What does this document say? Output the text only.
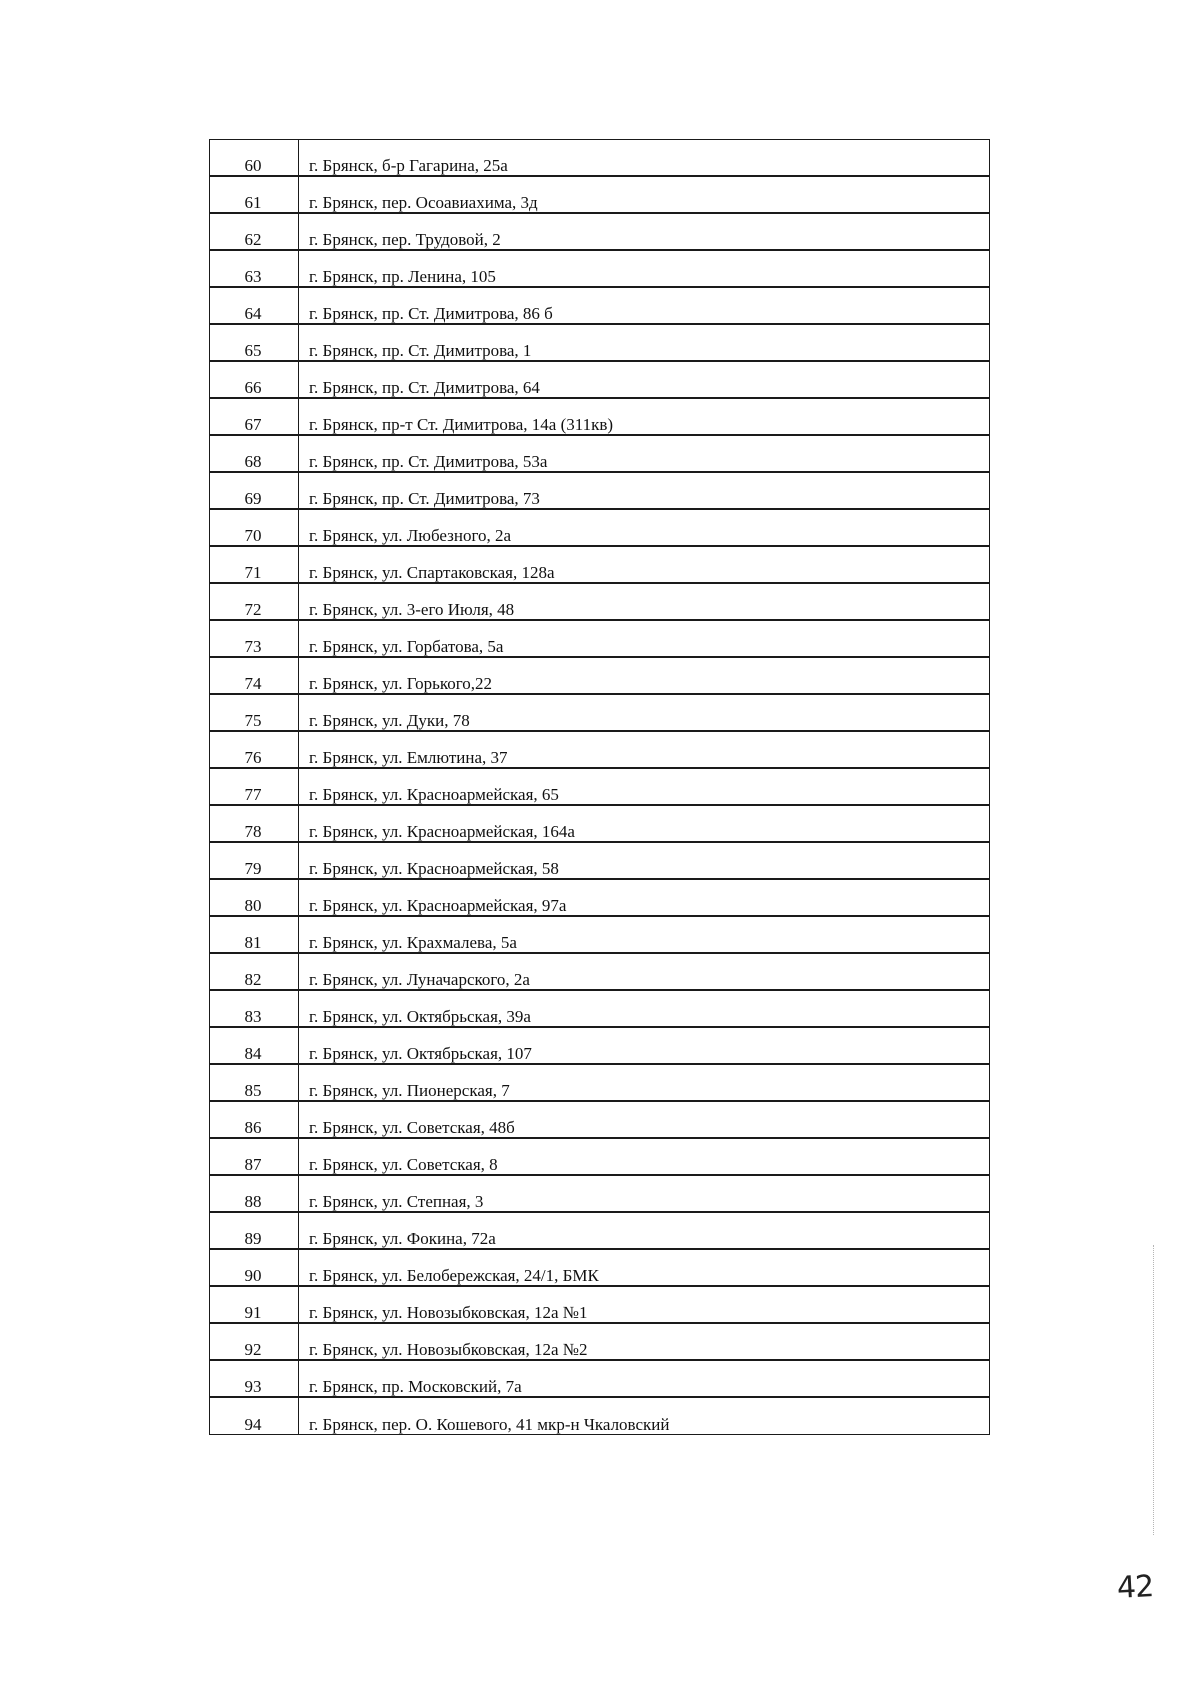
60	г. Брянск, б-р Гагарина, 25а

61	г. Брянск, пер. Осоавиахима, 3д

62	г. Брянск, пер. Трудовой, 2

63	г. Брянск, пр. Ленина, 105

64	г. Брянск, пр. Ст. Димитрова, 86 б

65	г. Брянск, пр. Ст. Димитрова, 1

66	г. Брянск, пр. Ст. Димитрова, 64

67	г. Брянск, пр-т Ст. Димитрова, 14а (311кв)

68	г. Брянск, пр. Ст. Димитрова, 53а

69	г. Брянск, пр. Ст. Димитрова, 73

70	г. Брянск, ул. Любезного, 2а

71	г. Брянск, ул. Спартаковская, 128а

72	г. Брянск, ул. 3-его Июля, 48

73	г. Брянск, ул. Горбатова, 5а

74	г. Брянск, ул. Горького,22

75	г. Брянск, ул. Дуки, 78

76	г. Брянск, ул. Емлютина, 37

77	г. Брянск, ул. Красноармейская, 65

78	г. Брянск, ул. Красноармейская, 164а

79	г. Брянск, ул. Красноармейская, 58

80	г. Брянск, ул. Красноармейская, 97а

81	г. Брянск, ул. Крахмалева, 5а

82	г. Брянск, ул. Луначарского, 2а

83	г. Брянск, ул. Октябрьская, 39а

84	г. Брянск, ул. Октябрьская, 107

85	г. Брянск, ул. Пионерская, 7

86	г. Брянск, ул. Советская, 48б

87	г. Брянск, ул. Советская, 8

88	г. Брянск, ул. Степная, 3

89	г. Брянск, ул. Фокина, 72а

90	г. Брянск, ул. Белобережская, 24/1, БМК

91	г. Брянск, ул. Новозыбковская, 12а №1

92	г. Брянск, ул. Новозыбковская, 12а №2

93	г. Брянск, пр. Московский, 7а

94	г. Брянск, пер. О. Кошевого, 41 мкр-н Чкаловский
42
